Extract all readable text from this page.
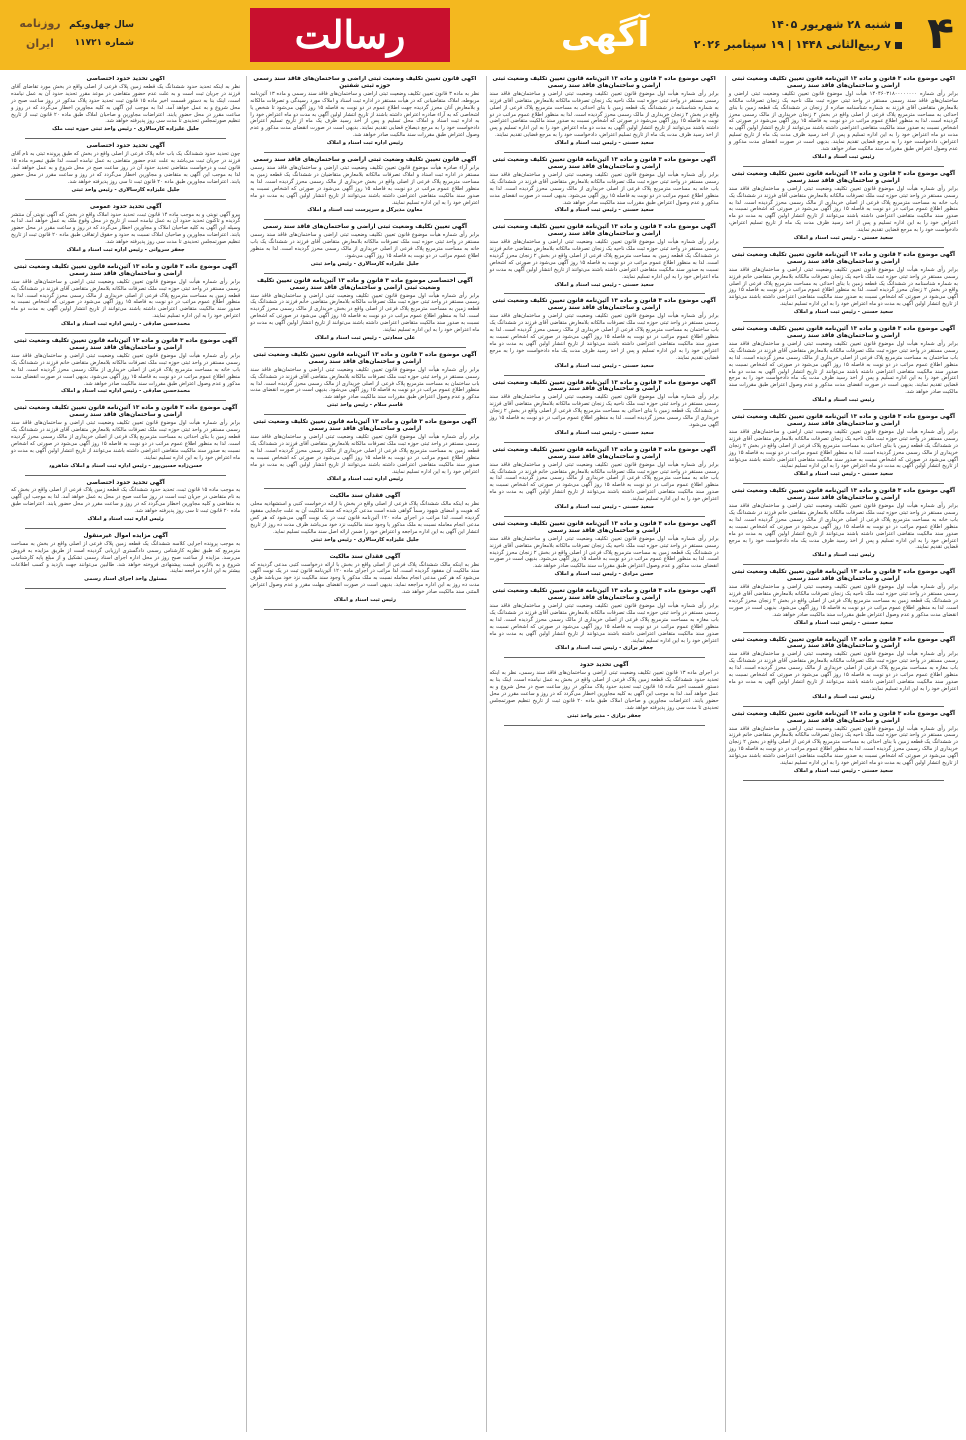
۴
شنبه ۲۸ شهریور ۱۴۰۵
۷ ربیع‌الثانی ۱۴۴۸ | ۱۹ سپتامبر ۲۰۲۶
آگهی
رسالت
سال چهل‌ویکم
شماره ۱۱۷۲۱
روزنامه ایران
آگهی موضوع ماده ۳ قانون و ماده ۱۳ آئین‌نامه قانون تعیین تکلیف وضعیت ثبتی اراضی و ساختمان‌های فاقد سند رسمی

برابر رأی شماره ۱۴۰۴۶۰۳۱۸۰۰۰۰۰۰۰۰ هیأت اول موضوع قانون تعیین تکلیف وضعیت ثبتی اراضی و ساختمان‌های فاقد سند رسمی مستقر در واحد ثبتی حوزه ثبت ملک ناحیه یک زنجان تصرفات مالکانه بلامعارض متقاضی آقای فرزند به شماره شناسنامه صادره از زنجان در ششدانگ یک قطعه زمین با بنای احداثی به مساحت مترمربع پلاک فرعی از اصلی واقع در بخش ۲ زنجان خریداری از مالک رسمی محرز گردیده است. لذا به منظور اطلاع عموم مراتب در دو نوبت به فاصله ۱۵ روز آگهی می‌شود در صورتی که اشخاص نسبت به صدور سند مالکیت متقاضی اعتراضی داشته باشند می‌توانند از تاریخ انتشار اولین آگهی به مدت دو ماه اعتراض خود را به این اداره تسلیم و پس از اخذ رسید ظرف مدت یک ماه از تاریخ تسلیم اعتراض، دادخواست خود را به مرجع قضایی تقدیم نمایند. بدیهی است در صورت انقضای مدت مذکور و عدم وصول اعتراض طبق مقررات سند مالکیت صادر خواهد شد.

رئیس ثبت اسناد و املاک
آگهی موضوع ماده ۳ قانون و ماده ۱۳ آئین‌نامه قانون تعیین تکلیف وضعیت ثبتی اراضی و ساختمان‌های فاقد سند رسمی

برابر رأی شماره هیأت اول موضوع قانون تعیین تکلیف وضعیت ثبتی اراضی و ساختمان‌های فاقد سند رسمی مستقر در واحد ثبتی حوزه ثبت ملک تصرفات مالکانه بلامعارض متقاضی آقای فرزند در ششدانگ یک باب خانه به مساحت مترمربع پلاک فرعی از اصلی خریداری از مالک رسمی محرز گردیده است. لذا به منظور اطلاع عموم مراتب در دو نوبت به فاصله ۱۵ روز آگهی می‌شود در صورتی که اشخاص نسبت به صدور سند مالکیت متقاضی اعتراضی داشته باشند می‌توانند از تاریخ انتشار اولین آگهی به مدت دو ماه اعتراض خود را به این اداره تسلیم و پس از اخذ رسید ظرف مدت یک ماه از تاریخ تسلیم اعتراض، دادخواست خود را به مرجع قضایی تقدیم نمایند.

سعید حسنی - رئیس ثبت اسناد و املاک
آگهی موضوع ماده ۳ قانون و ماده ۱۳ آئین‌نامه قانون تعیین تکلیف وضعیت ثبتی اراضی و ساختمان‌های فاقد سند رسمی

برابر رأی شماره هیأت اول موضوع قانون تعیین تکلیف وضعیت ثبتی اراضی و ساختمان‌های فاقد سند رسمی مستقر در واحد ثبتی حوزه ثبت ملک ناحیه یک زنجان تصرفات مالکانه بلامعارض متقاضی خانم فرزند به شماره شناسنامه در ششدانگ یک قطعه زمین با بنای احداثی به مساحت مترمربع پلاک فرعی از اصلی واقع در بخش ۲ زنجان محرز گردیده است. لذا به منظور اطلاع عموم مراتب در دو نوبت به فاصله ۱۵ روز آگهی می‌شود در صورتی که اشخاص نسبت به صدور سند مالکیت متقاضی اعتراضی داشته باشند می‌توانند از تاریخ انتشار اولین آگهی به مدت دو ماه اعتراض خود را به این اداره تسلیم نمایند.

سعید حسنی - رئیس ثبت اسناد و املاک
آگهی موضوع ماده ۳ قانون و ماده ۱۳ آئین‌نامه قانون تعیین تکلیف وضعیت ثبتی اراضی و ساختمان‌های فاقد سند رسمی

برابر رأی شماره هیأت اول موضوع قانون تعیین تکلیف وضعیت ثبتی اراضی و ساختمان‌های فاقد سند رسمی مستقر در واحد ثبتی حوزه ثبت ملک تصرفات مالکانه بلامعارض متقاضی آقای فرزند در ششدانگ یک باب ساختمان به مساحت مترمربع پلاک فرعی از اصلی خریداری از مالک رسمی محرز گردیده است. لذا به منظور اطلاع عموم مراتب در دو نوبت به فاصله ۱۵ روز آگهی می‌شود در صورتی که اشخاص نسبت به صدور سند مالکیت متقاضی اعتراضی داشته باشند می‌توانند از تاریخ انتشار اولین آگهی به مدت دو ماه اعتراض خود را به این اداره تسلیم و پس از اخذ رسید ظرف مدت یک ماه دادخواست خود را به مرجع قضایی تقدیم نمایند. بدیهی است در صورت انقضای مدت مذکور و عدم وصول اعتراض طبق مقررات سند مالکیت صادر خواهد شد.

رئیس ثبت اسناد و املاک
آگهی موضوع ماده ۳ قانون و ماده ۱۳ آئین‌نامه قانون تعیین تکلیف وضعیت ثبتی اراضی و ساختمان‌های فاقد سند رسمی

برابر رأی شماره هیأت اول موضوع قانون تعیین تکلیف وضعیت ثبتی اراضی و ساختمان‌های فاقد سند رسمی مستقر در واحد ثبتی حوزه ثبت ملک ناحیه یک زنجان تصرفات مالکانه بلامعارض متقاضی آقای فرزند در ششدانگ یک قطعه زمین با بنای احداثی به مساحت مترمربع پلاک فرعی از اصلی واقع در بخش ۲ زنجان خریداری از مالک رسمی محرز گردیده است. لذا به منظور اطلاع عموم مراتب در دو نوبت به فاصله ۱۵ روز آگهی می‌شود در صورتی که اشخاص نسبت به صدور سند مالکیت متقاضی اعتراضی داشته باشند می‌توانند از تاریخ انتشار اولین آگهی به مدت دو ماه اعتراض خود را به این اداره تسلیم نمایند.

سعید حسنی - رئیس ثبت اسناد و املاک
آگهی موضوع ماده ۳ قانون و ماده ۱۳ آئین‌نامه قانون تعیین تکلیف وضعیت ثبتی اراضی و ساختمان‌های فاقد سند رسمی

برابر رأی شماره هیأت اول موضوع قانون تعیین تکلیف وضعیت ثبتی اراضی و ساختمان‌های فاقد سند رسمی مستقر در واحد ثبتی حوزه ثبت ملک تصرفات مالکانه بلامعارض متقاضی خانم فرزند در ششدانگ یک باب خانه به مساحت مترمربع پلاک فرعی از اصلی خریداری از مالک رسمی محرز گردیده است. لذا به منظور اطلاع عموم مراتب در دو نوبت به فاصله ۱۵ روز آگهی می‌شود در صورتی که اشخاص نسبت به صدور سند مالکیت متقاضی اعتراضی داشته باشند می‌توانند از تاریخ انتشار اولین آگهی به مدت دو ماه اعتراض خود را به این اداره تسلیم و پس از اخذ رسید ظرف مدت یک ماه دادخواست خود را به مرجع قضایی تقدیم نمایند.

رئیس ثبت اسناد و املاک
آگهی موضوع ماده ۳ قانون و ماده ۱۳ آئین‌نامه قانون تعیین تکلیف وضعیت ثبتی اراضی و ساختمان‌های فاقد سند رسمی

برابر رأی شماره هیأت اول موضوع قانون تعیین تکلیف وضعیت ثبتی اراضی و ساختمان‌های فاقد سند رسمی مستقر در واحد ثبتی حوزه ثبت ملک ناحیه یک زنجان تصرفات مالکانه بلامعارض متقاضی آقای فرزند در ششدانگ یک قطعه زمین به مساحت مترمربع پلاک فرعی از اصلی واقع در بخش ۲ زنجان محرز گردیده است. لذا به منظور اطلاع عموم مراتب در دو نوبت به فاصله ۱۵ روز آگهی می‌شود. بدیهی است در صورت انقضای مدت مذکور و عدم وصول اعتراض طبق مقررات سند مالکیت صادر خواهد شد.

سعید حسنی - رئیس ثبت اسناد و املاک
آگهی موضوع ماده ۳ قانون و ماده ۱۳ آئین‌نامه قانون تعیین تکلیف وضعیت ثبتی اراضی و ساختمان‌های فاقد سند رسمی

برابر رأی شماره هیأت اول موضوع قانون تعیین تکلیف وضعیت ثبتی اراضی و ساختمان‌های فاقد سند رسمی مستقر در واحد ثبتی حوزه ثبت ملک تصرفات مالکانه بلامعارض متقاضی آقای فرزند در ششدانگ یک باب مغازه به مساحت مترمربع پلاک فرعی از اصلی خریداری از مالک رسمی محرز گردیده است. لذا به منظور اطلاع عموم مراتب در دو نوبت به فاصله ۱۵ روز آگهی می‌شود در صورتی که اشخاص نسبت به صدور سند مالکیت متقاضی اعتراضی داشته باشند می‌توانند از تاریخ انتشار اولین آگهی به مدت دو ماه اعتراض خود را به این اداره تسلیم نمایند.

رئیس ثبت اسناد و املاک
آگهی موضوع ماده ۳ قانون و ماده ۱۳ آئین‌نامه قانون تعیین تکلیف وضعیت ثبتی اراضی و ساختمان‌های فاقد سند رسمی

برابر رأی شماره هیأت اول موضوع قانون تعیین تکلیف وضعیت ثبتی اراضی و ساختمان‌های فاقد سند رسمی مستقر در واحد ثبتی حوزه ثبت ملک ناحیه یک زنجان تصرفات مالکانه بلامعارض متقاضی خانم فرزند در ششدانگ یک قطعه زمین با بنای احداثی به مساحت مترمربع پلاک فرعی از اصلی واقع در بخش ۲ زنجان خریداری از مالک رسمی محرز گردیده است. لذا به منظور اطلاع عموم مراتب در دو نوبت به فاصله ۱۵ روز آگهی می‌شود در صورتی که اشخاص نسبت به صدور سند مالکیت متقاضی اعتراضی داشته باشند می‌توانند از تاریخ انتشار اولین آگهی به مدت دو ماه اعتراض خود را به این اداره تسلیم نمایند.

سعید حسنی - رئیس ثبت اسناد و املاک
آگهی موضوع ماده ۳ قانون و ماده ۱۳ آئین‌نامه قانون تعیین تکلیف وضعیت ثبتی اراضی و ساختمان‌های فاقد سند رسمی

برابر رأی شماره هیأت اول موضوع قانون تعیین تکلیف وضعیت ثبتی اراضی و ساختمان‌های فاقد سند رسمی مستقر در واحد ثبتی حوزه ثبت ملک ناحیه یک زنجان تصرفات مالکانه بلامعارض متقاضی آقای فرزند به شماره شناسنامه در ششدانگ یک قطعه زمین با بنای احداثی به مساحت مترمربع پلاک فرعی از اصلی واقع در بخش ۲ زنجان خریداری از مالک رسمی محرز گردیده است. لذا به منظور اطلاع عموم مراتب در دو نوبت به فاصله ۱۵ روز آگهی می‌شود در صورتی که اشخاص نسبت به صدور سند مالکیت متقاضی اعتراضی داشته باشند می‌توانند از تاریخ انتشار اولین آگهی به مدت دو ماه اعتراض خود را به این اداره تسلیم و پس از اخذ رسید ظرف مدت یک ماه از تاریخ تسلیم اعتراض، دادخواست خود را به مرجع قضایی تقدیم نمایند.

سعید حسنی - رئیس ثبت اسناد و املاک
آگهی موضوع ماده ۳ قانون و ماده ۱۳ آئین‌نامه قانون تعیین تکلیف وضعیت ثبتی اراضی و ساختمان‌های فاقد سند رسمی

برابر رأی شماره هیأت اول موضوع قانون تعیین تکلیف وضعیت ثبتی اراضی و ساختمان‌های فاقد سند رسمی مستقر در واحد ثبتی حوزه ثبت ملک تصرفات مالکانه بلامعارض متقاضی آقای فرزند در ششدانگ یک باب خانه به مساحت مترمربع پلاک فرعی از اصلی خریداری از مالک رسمی محرز گردیده است. لذا به منظور اطلاع عموم مراتب در دو نوبت به فاصله ۱۵ روز آگهی می‌شود. بدیهی است در صورت انقضای مدت مذکور و عدم وصول اعتراض طبق مقررات سند مالکیت صادر خواهد شد.

سعید حسنی - رئیس ثبت اسناد و املاک
آگهی موضوع ماده ۳ قانون و ماده ۱۳ آئین‌نامه قانون تعیین تکلیف وضعیت ثبتی اراضی و ساختمان‌های فاقد سند رسمی

برابر رأی شماره هیأت اول موضوع قانون تعیین تکلیف وضعیت ثبتی اراضی و ساختمان‌های فاقد سند رسمی مستقر در واحد ثبتی حوزه ثبت ملک ناحیه یک زنجان تصرفات مالکانه بلامعارض متقاضی خانم فرزند در ششدانگ یک قطعه زمین به مساحت مترمربع پلاک فرعی از اصلی واقع در بخش ۲ زنجان محرز گردیده است. لذا به منظور اطلاع عموم مراتب در دو نوبت به فاصله ۱۵ روز آگهی می‌شود در صورتی که اشخاص نسبت به صدور سند مالکیت متقاضی اعتراضی داشته باشند می‌توانند از تاریخ انتشار اولین آگهی به مدت دو ماه اعتراض خود را به این اداره تسلیم نمایند.

سعید حسنی - رئیس ثبت اسناد و املاک
آگهی موضوع ماده ۳ قانون و ماده ۱۳ آئین‌نامه قانون تعیین تکلیف وضعیت ثبتی اراضی و ساختمان‌های فاقد سند رسمی

برابر رأی شماره هیأت اول موضوع قانون تعیین تکلیف وضعیت ثبتی اراضی و ساختمان‌های فاقد سند رسمی مستقر در واحد ثبتی حوزه ثبت ملک تصرفات مالکانه بلامعارض متقاضی آقای فرزند در ششدانگ یک باب ساختمان به مساحت مترمربع پلاک فرعی از اصلی خریداری از مالک رسمی محرز گردیده است. لذا به منظور اطلاع عموم مراتب در دو نوبت به فاصله ۱۵ روز آگهی می‌شود در صورتی که اشخاص نسبت به صدور سند مالکیت متقاضی اعتراضی داشته باشند می‌توانند از تاریخ انتشار اولین آگهی به مدت دو ماه اعتراض خود را به این اداره تسلیم و پس از اخذ رسید ظرف مدت یک ماه دادخواست خود را به مرجع قضایی تقدیم نمایند.

سعید حسنی - رئیس ثبت اسناد و املاک
آگهی موضوع ماده ۳ قانون و ماده ۱۳ آئین‌نامه قانون تعیین تکلیف وضعیت ثبتی اراضی و ساختمان‌های فاقد سند رسمی

برابر رأی شماره هیأت اول موضوع قانون تعیین تکلیف وضعیت ثبتی اراضی و ساختمان‌های فاقد سند رسمی مستقر در واحد ثبتی حوزه ثبت ملک ناحیه یک زنجان تصرفات مالکانه بلامعارض متقاضی آقای فرزند در ششدانگ یک قطعه زمین با بنای احداثی به مساحت مترمربع پلاک فرعی از اصلی واقع در بخش ۲ زنجان خریداری از مالک رسمی محرز گردیده است. لذا به منظور اطلاع عموم مراتب در دو نوبت به فاصله ۱۵ روز آگهی می‌شود.

سعید حسنی - رئیس ثبت اسناد و املاک
آگهی موضوع ماده ۳ قانون و ماده ۱۳ آئین‌نامه قانون تعیین تکلیف وضعیت ثبتی اراضی و ساختمان‌های فاقد سند رسمی

برابر رأی شماره هیأت اول موضوع قانون تعیین تکلیف وضعیت ثبتی اراضی و ساختمان‌های فاقد سند رسمی مستقر در واحد ثبتی حوزه ثبت ملک تصرفات مالکانه بلامعارض متقاضی خانم فرزند در ششدانگ یک باب خانه به مساحت مترمربع پلاک فرعی از اصلی خریداری از مالک رسمی محرز گردیده است. لذا به منظور اطلاع عموم مراتب در دو نوبت به فاصله ۱۵ روز آگهی می‌شود در صورتی که اشخاص نسبت به صدور سند مالکیت متقاضی اعتراضی داشته باشند می‌توانند از تاریخ انتشار اولین آگهی به مدت دو ماه اعتراض خود را به این اداره تسلیم نمایند.

سعید حسنی - رئیس ثبت اسناد و املاک
آگهی موضوع ماده ۳ قانون و ماده ۱۳ آئین‌نامه قانون تعیین تکلیف وضعیت ثبتی اراضی و ساختمان‌های فاقد سند رسمی

برابر رأی شماره هیأت اول موضوع قانون تعیین تکلیف وضعیت ثبتی اراضی و ساختمان‌های فاقد سند رسمی مستقر در واحد ثبتی حوزه ثبت ملک ناحیه یک زنجان تصرفات مالکانه بلامعارض متقاضی آقای فرزند در ششدانگ یک قطعه زمین به مساحت مترمربع پلاک فرعی از اصلی واقع در بخش ۲ زنجان محرز گردیده است. لذا به منظور اطلاع عموم مراتب در دو نوبت به فاصله ۱۵ روز آگهی می‌شود. بدیهی است در صورت انقضای مدت مذکور و عدم وصول اعتراض طبق مقررات سند مالکیت صادر خواهد شد.

حسن مرادی - رئیس ثبت اسناد و املاک
آگهی موضوع ماده ۳ قانون و ماده ۱۳ آئین‌نامه قانون تعیین تکلیف وضعیت ثبتی اراضی و ساختمان‌های فاقد سند رسمی

برابر رأی شماره هیأت اول موضوع قانون تعیین تکلیف وضعیت ثبتی اراضی و ساختمان‌های فاقد سند رسمی مستقر در واحد ثبتی حوزه ثبت ملک تصرفات مالکانه بلامعارض متقاضی آقای فرزند در ششدانگ یک باب مغازه به مساحت مترمربع پلاک فرعی از اصلی خریداری از مالک رسمی محرز گردیده است. لذا به منظور اطلاع عموم مراتب در دو نوبت به فاصله ۱۵ روز آگهی می‌شود در صورتی که اشخاص نسبت به صدور سند مالکیت متقاضی اعتراضی داشته باشند می‌توانند از تاریخ انتشار اولین آگهی به مدت دو ماه اعتراض خود را به این اداره تسلیم نمایند.

جعفر برازی - رئیس ثبت اسناد و املاک
آگهی تحدید حدود

در اجرای ماده ۱۳ قانون تعیین تکلیف وضعیت ثبتی اراضی و ساختمان‌های فاقد سند رسمی، نظر به اینکه تحدید حدود ششدانگ یک قطعه زمین پلاک فرعی از اصلی واقع در بخش به عمل نیامده است، اینک بنا به دستور قسمت اخیر ماده ۱۵ قانون ثبت تحدید حدود پلاک مذکور در روز ساعت صبح در محل شروع و به عمل خواهد آمد. لذا به موجب این آگهی به کلیه مجاورین اخطار می‌گردد که در روز و ساعت مقرر در محل حضور یابند. اعتراضات مجاورین و صاحبان املاک طبق ماده ۲۰ قانون ثبت از تاریخ تنظیم صورتمجلس تحدیدی تا مدت سی روز پذیرفته خواهد شد.

جعفر برازی - مدیر واحد ثبتی
آگهی قانون تعیین تکلیف وضعیت ثبتی اراضی و ساختمان‌های فاقد سند رسمی حوزه ثبتی شفتین

نظر به ماده ۳ قانون تعیین تکلیف وضعیت ثبتی اراضی و ساختمان‌های فاقد سند رسمی و ماده ۱۳ آئین‌نامه مربوطه، املاک متقاضیانی که در هیأت مستقر در اداره ثبت اسناد و املاک مورد رسیدگی و تصرفات مالکانه و بلامعارض آنان محرز گردیده جهت اطلاع عموم در دو نوبت به فاصله ۱۵ روز آگهی می‌شود تا شخص یا اشخاصی که به آراء صادره اعتراض داشته باشند از تاریخ انتشار اولین آگهی به مدت دو ماه اعتراض خود را به اداره ثبت اسناد و املاک محل تسلیم و پس از اخذ رسید ظرف یک ماه از تاریخ تسلیم اعتراض دادخواست خود را به مرجع ذیصلاح قضایی تقدیم نمایند. بدیهی است در صورت انقضای مدت مذکور و عدم وصول اعتراض طبق مقررات سند مالکیت صادر خواهد شد.

رئیس اداره ثبت اسناد و املاک
آگهی قانون تعیین تکلیف وضعیت ثبتی اراضی و ساختمان‌های فاقد سند رسمی

برابر آراء صادره هیأت موضوع قانون تعیین تکلیف وضعیت ثبتی اراضی و ساختمان‌های فاقد سند رسمی مستقر در اداره ثبت اسناد و املاک تصرفات مالکانه بلامعارض متقاضیان در ششدانگ یک قطعه زمین به مساحت مترمربع پلاک فرعی از اصلی واقع در بخش خریداری از مالک رسمی محرز گردیده است. لذا به منظور اطلاع عموم مراتب در دو نوبت به فاصله ۱۵ روز آگهی می‌شود در صورتی که اشخاص نسبت به صدور سند مالکیت متقاضی اعتراضی داشته باشند می‌توانند از تاریخ انتشار اولین آگهی به مدت دو ماه اعتراض خود را به این اداره تسلیم نمایند.

معاون مدیرکل و سرپرست ثبت اسناد و املاک
آگهی تعیین تکلیف وضعیت ثبتی اراضی و ساختمان‌های فاقد سند رسمی

برابر رأی شماره هیأت موضوع قانون تعیین تکلیف وضعیت ثبتی اراضی و ساختمان‌های فاقد سند رسمی مستقر در واحد ثبتی حوزه ثبت ملک تصرفات مالکانه بلامعارض متقاضی آقای فرزند در ششدانگ یک باب خانه به مساحت مترمربع پلاک فرعی از اصلی خریداری از مالک رسمی محرز گردیده است. لذا به منظور اطلاع عموم مراتب در دو نوبت به فاصله ۱۵ روز آگهی می‌شود.

جلیل علیزاده کارسالاری - رئیس واحد ثبتی
آگهی اختصاصی موضوع ماده ۳ قانون و ماده ۱۳ آئین‌نامه قانون تعیین تکلیف وضعیت ثبتی اراضی و ساختمان‌های فاقد سند رسمی

برابر رأی شماره هیأت اول موضوع قانون تعیین تکلیف وضعیت ثبتی اراضی و ساختمان‌های فاقد سند رسمی مستقر در واحد ثبتی حوزه ثبت ملک تصرفات مالکانه بلامعارض متقاضی خانم فرزند در ششدانگ یک قطعه زمین به مساحت مترمربع پلاک فرعی از اصلی واقع در بخش خریداری از مالک رسمی محرز گردیده است. لذا به منظور اطلاع عموم مراتب در دو نوبت به فاصله ۱۵ روز آگهی می‌شود در صورتی که اشخاص نسبت به صدور سند مالکیت متقاضی اعتراضی داشته باشند می‌توانند از تاریخ انتشار اولین آگهی به مدت دو ماه اعتراض خود را به این اداره تسلیم نمایند.

علی سعادتی - رئیس ثبت اسناد و املاک
آگهی موضوع ماده ۳ قانون و ماده ۱۳ آئین‌نامه قانون تعیین تکلیف وضعیت ثبتی اراضی و ساختمان‌های فاقد سند رسمی

برابر رأی شماره هیأت اول موضوع قانون تعیین تکلیف وضعیت ثبتی اراضی و ساختمان‌های فاقد سند رسمی مستقر در واحد ثبتی حوزه ثبت ملک تصرفات مالکانه بلامعارض متقاضی آقای فرزند در ششدانگ یک باب ساختمان به مساحت مترمربع پلاک فرعی از اصلی خریداری از مالک رسمی محرز گردیده است. لذا به منظور اطلاع عموم مراتب در دو نوبت به فاصله ۱۵ روز آگهی می‌شود. بدیهی است در صورت انقضای مدت مذکور و عدم وصول اعتراض طبق مقررات سند مالکیت صادر خواهد شد.

قاسم سلام - رئیس واحد ثبتی
آگهی موضوع ماده ۳ قانون و ماده ۱۳ آئین‌نامه قانون تعیین تکلیف وضعیت ثبتی اراضی و ساختمان‌های فاقد سند رسمی

برابر رأی شماره هیأت اول موضوع قانون تعیین تکلیف وضعیت ثبتی اراضی و ساختمان‌های فاقد سند رسمی مستقر در واحد ثبتی حوزه ثبت ملک تصرفات مالکانه بلامعارض متقاضی آقای فرزند در ششدانگ یک قطعه زمین به مساحت مترمربع پلاک فرعی از اصلی خریداری از مالک رسمی محرز گردیده است. لذا به منظور اطلاع عموم مراتب در دو نوبت به فاصله ۱۵ روز آگهی می‌شود در صورتی که اشخاص نسبت به صدور سند مالکیت متقاضی اعتراضی داشته باشند می‌توانند از تاریخ انتشار اولین آگهی به مدت دو ماه اعتراض خود را به این اداره تسلیم نمایند.

رئیس اداره ثبت اسناد و املاک
آگهی فقدان سند مالکیت

نظر به اینکه مالک ششدانگ پلاک فرعی از اصلی واقع در بخش با ارائه درخواست کتبی و استشهادیه محلی که هویت و امضای شهود رسماً گواهی شده است مدعی گردیده که سند مالکیت آن به علت جابجایی مفقود گردیده است، لذا مراتب در اجرای ماده ۱۲۰ آئین‌نامه قانون ثبت در یک نوبت آگهی می‌شود که هر کس مدعی انجام معامله نسبت به ملک مذکور یا وجود سند مالکیت نزد خود می‌باشد ظرف مدت ده روز از تاریخ انتشار این آگهی به این اداره مراجعه و اعتراض خود را ضمن ارائه اصل سند مالکیت تسلیم نماید.

جلیل علیزاده کارسالاری - رئیس واحد ثبتی
آگهی فقدان سند مالکیت

نظر به اینکه مالک ششدانگ پلاک فرعی از اصلی واقع در بخش با ارائه درخواست کتبی مدعی گردیده که سند مالکیت آن مفقود گردیده است، لذا مراتب در اجرای ماده ۱۲۰ آئین‌نامه قانون ثبت در یک نوبت آگهی می‌شود که هر کس مدعی انجام معامله نسبت به ملک مذکور یا وجود سند مالکیت نزد خود می‌باشد ظرف مدت ده روز به این اداره مراجعه نماید. بدیهی است در صورت انقضای مهلت مقرر و عدم وصول اعتراض المثنی سند مالکیت صادر خواهد شد.

رئیس ثبت اسناد و املاک
آگهی تحدید حدود اختصاصی

نظر به اینکه تحدید حدود ششدانگ یک قطعه زمین پلاک فرعی از اصلی واقع در بخش مورد تقاضای آقای فرزند در جریان ثبت است و به علت عدم حضور متقاضی در موعد مقرر تحدید حدود آن به عمل نیامده است، اینک بنا به دستور قسمت اخیر ماده ۱۵ قانون ثبت تحدید حدود پلاک مذکور در روز ساعت صبح در محل شروع و به عمل خواهد آمد. لذا به موجب این آگهی به کلیه مجاورین اخطار می‌گردد که در روز و ساعت مقرر در محل حضور یابند. اعتراضات مجاورین و صاحبان املاک طبق ماده ۲۰ قانون ثبت از تاریخ تنظیم صورتمجلس تحدیدی تا مدت سی روز پذیرفته خواهد شد.

جلیل علیزاده کارسالاری - رئیس واحد ثبتی حوزه ثبت ملک
آگهی تحدید حدود اختصاصی

چون تحدید حدود ششدانگ یک باب خانه پلاک فرعی از اصلی واقع در بخش که طبق پرونده ثبتی به نام آقای فرزند در جریان ثبت می‌باشد به علت عدم حضور متقاضی به عمل نیامده است، لذا طبق تبصره ماده ۱۵ قانون ثبت و درخواست متقاضی تحدید حدود آن در روز ساعت صبح در محل شروع و به عمل خواهد آمد. لذا به موجب این آگهی به متقاضی و مجاورین اخطار می‌گردد که در روز و ساعت مقرر در محل حضور یابند. اعتراضات مجاورین طبق ماده ۲۰ قانون ثبت تا سی روز پذیرفته خواهد شد.

جلیل علیزاده کارسالاری - رئیس واحد ثبتی
آگهی تحدید حدود عمومی

پیرو آگهی نوبتی و به موجب ماده ۱۴ قانون ثبت، تحدید حدود املاک واقع در بخش که آگهی نوبتی آن منتشر گردیده و تاکنون تحدید حدود آن به عمل نیامده است از تاریخ در محل وقوع ملک به عمل خواهد آمد. لذا به وسیله این آگهی به کلیه صاحبان املاک و مجاورین اخطار می‌گردد که در روز و ساعت مقرر در محل حضور یابند. اعتراضات مجاورین و صاحبان املاک نسبت به حدود و حقوق ارتفاقی طبق ماده ۲۰ قانون ثبت از تاریخ تنظیم صورتمجلس تحدیدی تا مدت سی روز پذیرفته خواهد شد.

جعفر سروانی - رئیس اداره ثبت اسناد و املاک
آگهی موضوع ماده ۳ قانون و ماده ۱۳ آئین‌نامه قانون تعیین تکلیف وضعیت ثبتی اراضی و ساختمان‌های فاقد سند رسمی

برابر رأی شماره هیأت اول موضوع قانون تعیین تکلیف وضعیت ثبتی اراضی و ساختمان‌های فاقد سند رسمی مستقر در واحد ثبتی حوزه ثبت ملک تصرفات مالکانه بلامعارض متقاضی آقای فرزند در ششدانگ یک قطعه زمین به مساحت مترمربع پلاک فرعی از اصلی خریداری از مالک رسمی محرز گردیده است. لذا به منظور اطلاع عموم مراتب در دو نوبت به فاصله ۱۵ روز آگهی می‌شود در صورتی که اشخاص نسبت به صدور سند مالکیت متقاضی اعتراضی داشته باشند می‌توانند از تاریخ انتشار اولین آگهی به مدت دو ماه اعتراض خود را به این اداره تسلیم نمایند.

محمدحسن صادقی - رئیس اداره ثبت اسناد و املاک
آگهی موضوع ماده ۳ قانون و ماده ۱۳ آئین‌نامه قانون تعیین تکلیف وضعیت ثبتی اراضی و ساختمان‌های فاقد سند رسمی

برابر رأی شماره هیأت اول موضوع قانون تعیین تکلیف وضعیت ثبتی اراضی و ساختمان‌های فاقد سند رسمی مستقر در واحد ثبتی حوزه ثبت ملک تصرفات مالکانه بلامعارض متقاضی خانم فرزند در ششدانگ یک باب خانه به مساحت مترمربع پلاک فرعی از اصلی خریداری از مالک رسمی محرز گردیده است. لذا به منظور اطلاع عموم مراتب در دو نوبت به فاصله ۱۵ روز آگهی می‌شود. بدیهی است در صورت انقضای مدت مذکور و عدم وصول اعتراض طبق مقررات سند مالکیت صادر خواهد شد.

محمدحسن صادقی - رئیس اداره ثبت اسناد و املاک
آگهی موضوع ماده ۳ قانون و ماده ۱۳ آئین‌نامه قانون تعیین تکلیف وضعیت ثبتی اراضی و ساختمان‌های فاقد سند رسمی

برابر رأی شماره هیأت اول موضوع قانون تعیین تکلیف وضعیت ثبتی اراضی و ساختمان‌های فاقد سند رسمی مستقر در واحد ثبتی حوزه ثبت ملک تصرفات مالکانه بلامعارض متقاضی آقای فرزند در ششدانگ یک قطعه زمین با بنای احداثی به مساحت مترمربع پلاک فرعی از اصلی خریداری از مالک رسمی محرز گردیده است. لذا به منظور اطلاع عموم مراتب در دو نوبت به فاصله ۱۵ روز آگهی می‌شود در صورتی که اشخاص نسبت به صدور سند مالکیت متقاضی اعتراضی داشته باشند می‌توانند از تاریخ انتشار اولین آگهی به مدت دو ماه اعتراض خود را به این اداره تسلیم نمایند.

حسن‌زاده حسین‌پور - رئیس اداره ثبت اسناد و املاک شاهرود
آگهی تحدید حدود اختصاصی

به موجب ماده ۱۵ قانون ثبت، تحدید حدود ششدانگ یک قطعه زمین پلاک فرعی از اصلی واقع در بخش که به نام متقاضی در جریان ثبت است در روز ساعت صبح در محل به عمل خواهد آمد. لذا به موجب این آگهی به متقاضی و کلیه مجاورین اخطار می‌گردد که در روز و ساعت مقرر در محل حضور یابند. اعتراضات طبق ماده ۲۰ قانون ثبت تا سی روز پذیرفته خواهد شد.

رئیس اداره ثبت اسناد و املاک
آگهی مزایده اموال غیرمنقول

به موجب پرونده اجرایی کلاسه ششدانگ یک قطعه زمین پلاک فرعی از اصلی واقع در بخش به مساحت مترمربع که طبق نظریه کارشناس رسمی دادگستری ارزیابی گردیده است از طریق مزایده به فروش می‌رسد. مزایده از ساعت صبح روز در محل اداره اجرای اسناد رسمی تشکیل و از مبلغ پایه کارشناسی شروع و به بالاترین قیمت پیشنهادی فروخته خواهد شد. طالبین می‌توانند جهت بازدید و کسب اطلاعات بیشتر به این اداره مراجعه نمایند.

مسئول واحد اجرای اسناد رسمی
